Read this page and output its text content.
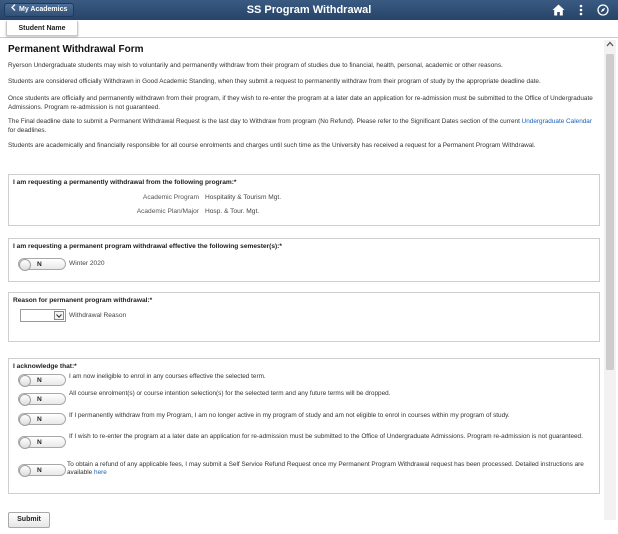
My Academics	SS Program Withdrawal
Student Name
Permanent Withdrawal Form
Ryerson Undergraduate students may wish to voluntarily and permanently withdraw from their program of studies due to financial, health, personal, academic or other reasons.
Students are considered officially Withdrawn in Good Academic Standing, when they submit a request to permanently withdraw from their program of study by the appropriate deadline date.
Once students are officially and permanently withdrawn from their program, if they wish to re-enter the program at a later date an application for re-admission must be submitted to the Office of Undergraduate Admissions. Program re-admission is not guaranteed.
The Final deadline date to submit a Permanent Withdrawal Request is the last day to Withdraw from program (No Refund). Please refer to the Significant Dates section of the current Undergraduate Calendar for deadlines.
Students are academically and financially responsible for all course enrolments and charges until such time as the University has received a request for a Permanent Program Withdrawal.
I am requesting a permanently withdrawal from the following program:*
Academic Program Hospitality & Tourism Mgt.
Academic Plan/Major Hosp. & Tour. Mgt.
I am requesting a permanent program withdrawal effective the following semester(s):*
N	Winter 2020
Reason for permanent program withdrawal:*
Withdrawal Reason
I acknowledge that:*
N
I am now ineligible to enrol in any courses effective the selected term.
N
All course enrolment(s) or course intention selection(s) for the selected term and any future terms will be dropped.
N
If I permanently withdraw from my Program, I am no longer active in my program of study and am not eligible to enrol in courses within my program of study.
N
If I wish to re-enter the program at a later date an application for re-admission must be submitted to the Office of Undergraduate Admissions. Program re-admission is not guaranteed.
N
To obtain a refund of any applicable fees, I may submit a Self Service Refund Request once my Permanent Program Withdrawal request has been processed. Detailed instructions are available here
Submit
